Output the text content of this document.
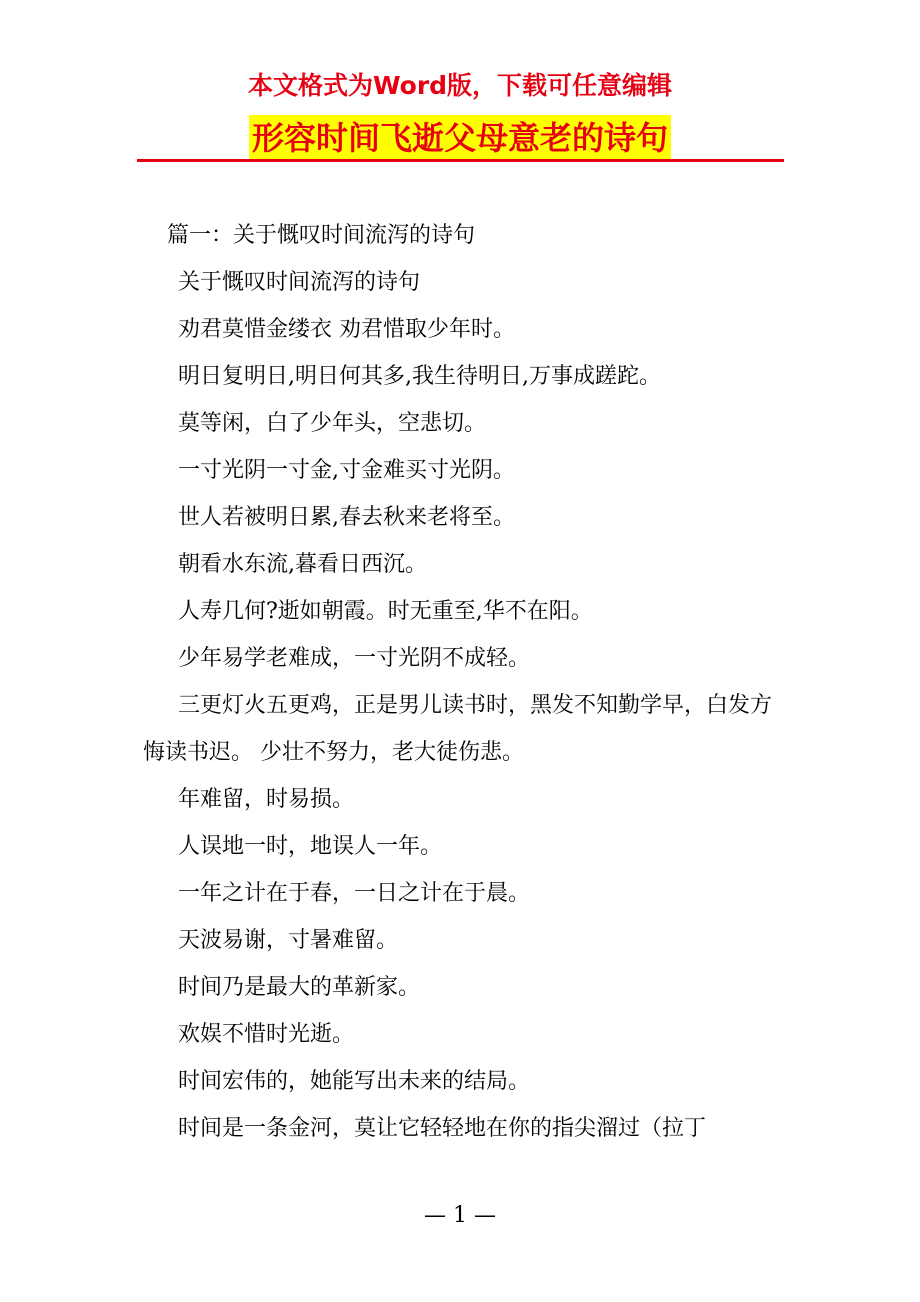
本文格式为Word版，下载可任意编辑
形容时间飞逝父母意老的诗句

篇一：关于慨叹时间流泻的诗句

关于慨叹时间流泻的诗句

劝君莫惜金缕衣 劝君惜取少年时。

明日复明日,明日何其多,我生待明日,万事成蹉跎。

莫等闲，白了少年头，空悲切。

一寸光阴一寸金,寸金难买寸光阴。

世人若被明日累,春去秋来老将至。

朝看水东流,暮看日西沉。

人寿几何?逝如朝霞。时无重至,华不在阳。

少年易学老难成，一寸光阴不成轻。

三更灯火五更鸡，正是男儿读书时，黑发不知勤学早，白发方悔读书迟。 少壮不努力，老大徒伤悲。

年难留，时易损。

人误地一时，地误人一年。

一年之计在于春，一日之计在于晨。

天波易谢，寸暑难留。

时间乃是最大的革新家。

欢娱不惜时光逝。

时间宏伟的，她能写出未来的结局。

时间是一条金河，莫让它轻轻地在你的指尖溜过（拉丁

— 1 —
